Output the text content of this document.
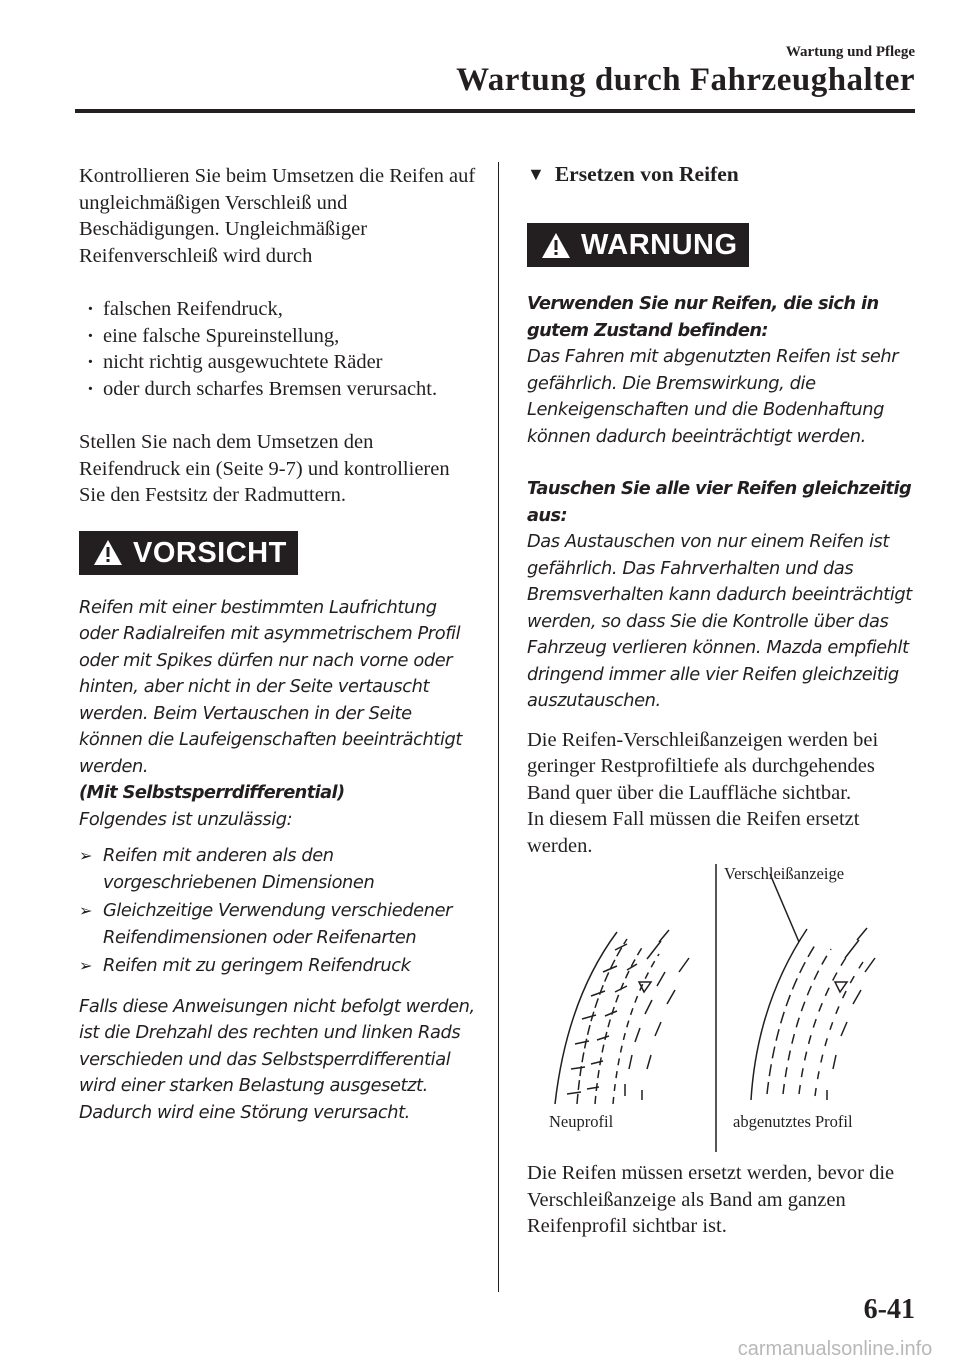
Wartung und Pflege
Wartung durch Fahrzeughalter

Kontrollieren Sie beim Umsetzen die Reifen auf ungleichmäßigen Verschleiß und Beschädigungen. Ungleichmäßiger Reifenverschleiß wird durch

· falschen Reifendruck,
· eine falsche Spureinstellung,
· nicht richtig ausgewuchtete Räder
· oder durch scharfes Bremsen verursacht.

Stellen Sie nach dem Umsetzen den Reifendruck ein (Seite 9-7) und kontrollieren Sie den Festsitz der Radmuttern.

VORSICHT

Reifen mit einer bestimmten Laufrichtung oder Radialreifen mit asymmetrischem Profil oder mit Spikes dürfen nur nach vorne oder hinten, aber nicht in der Seite vertauscht werden. Beim Vertauschen in der Seite können die Laufeigenschaften beeinträchtigt werden.

(Mit Selbstsperrdifferential)

Folgendes ist unzulässig:

➢ Reifen mit anderen als den vorgeschriebenen Dimensionen
➢ Gleichzeitige Verwendung verschiedener Reifendimensionen oder Reifenarten
➢ Reifen mit zu geringem Reifendruck

Falls diese Anweisungen nicht befolgt werden, ist die Drehzahl des rechten und linken Rads verschieden und das Selbstsperrdifferential wird einer starken Belastung ausgesetzt.

Dadurch wird eine Störung verursacht.

▼ Ersetzen von Reifen
WARNUNG

Verwenden Sie nur Reifen, die sich in gutem Zustand befinden:

Das Fahren mit abgenutzten Reifen ist sehr gefährlich. Die Bremswirkung, die Lenkeigenschaften und die Bodenhaftung können dadurch beeinträchtigt werden.

Tauschen Sie alle vier Reifen gleichzeitig aus:

Das Austauschen von nur einem Reifen ist gefährlich. Das Fahrverhalten und das Bremsverhalten kann dadurch beeinträchtigt werden, so dass Sie die Kontrolle über das Fahrzeug verlieren können. Mazda empfiehlt dringend immer alle vier Reifen gleichzeitig auszutauschen.

Die Reifen-Verschleißanzeigen werden bei geringer Restprofiltiefe als durchgehendes Band quer über die Lauffläche sichtbar.

In diesem Fall müssen die Reifen ersetzt werden.

Verschleißanzeige
Neuprofil	abgenutztes Profil

Die Reifen müssen ersetzt werden, bevor die Verschleißanzeige als Band am ganzen Reifenprofil sichtbar ist.

6-41
carmanualsonline.info
